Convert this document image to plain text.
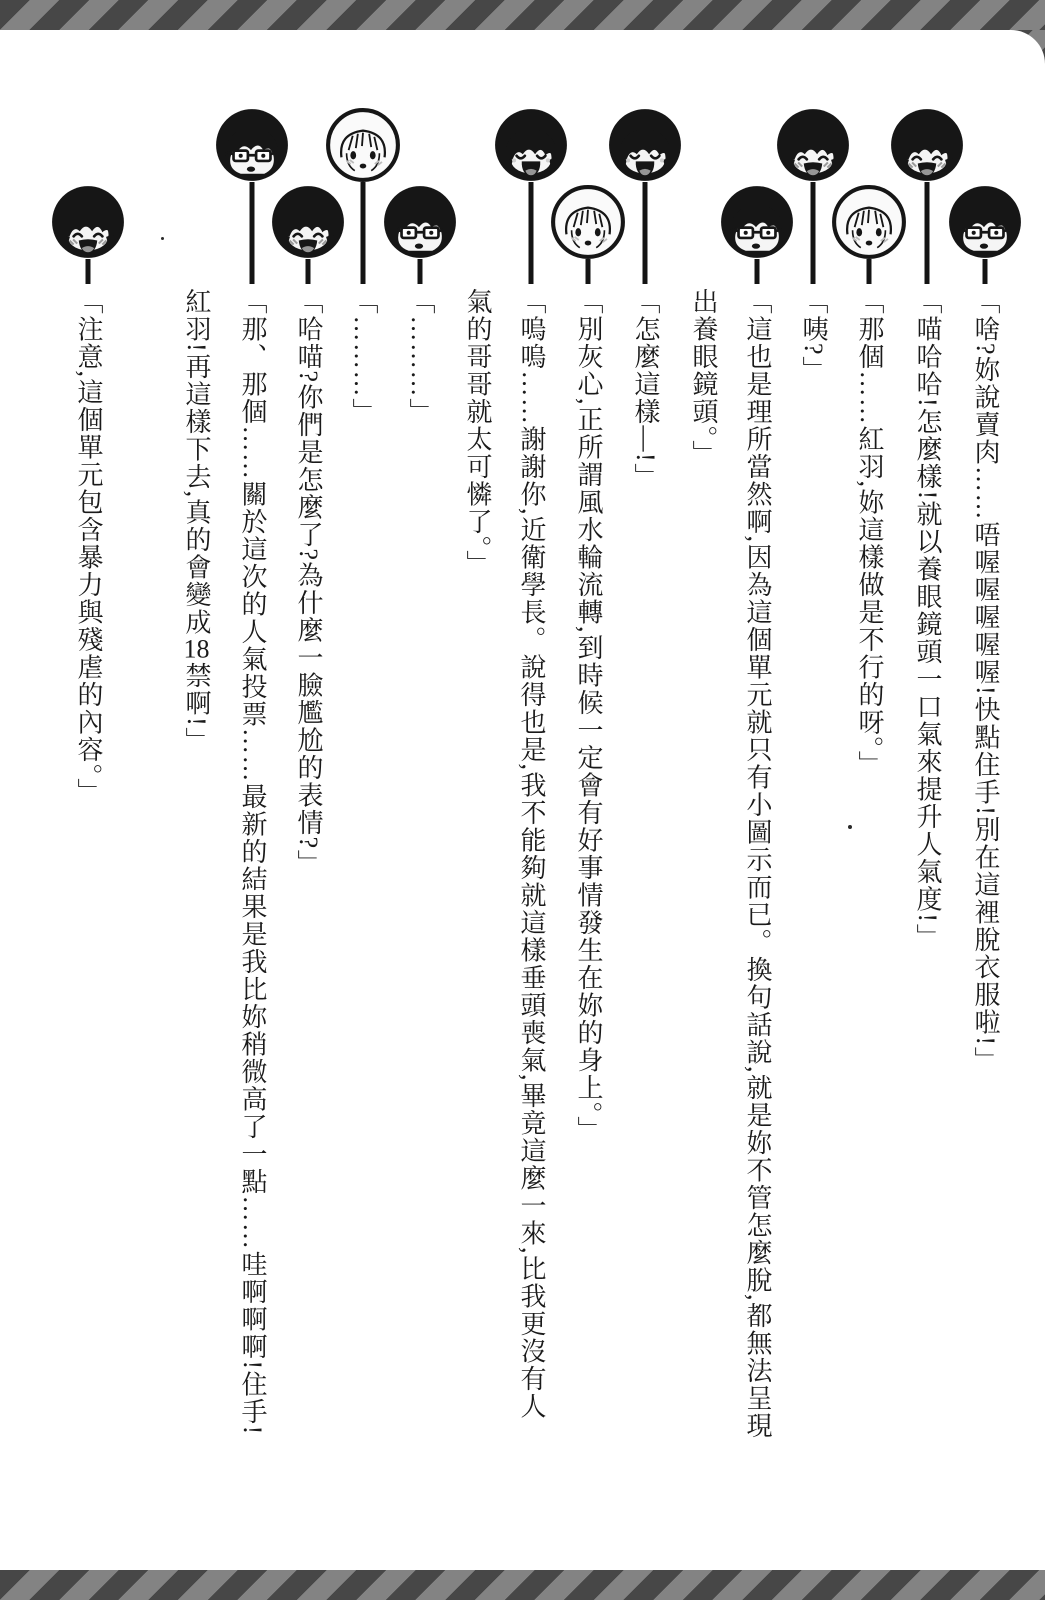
「啥?妳說賣肉……唔喔喔喔喔喔!快點住手!別在這裡脫衣服啦!」
「喵哈哈!怎麼樣!就以養眼鏡頭一口氣來提升人氣度!」
「那個……紅羽,妳這樣做是不行的呀。」
「咦?」
「這也是理所當然啊,因為這個單元就只有小圖示而已。換句話說,就是妳不管怎麼脫,都無法呈現
出養眼鏡頭。」
「怎麼這樣—!」
「別灰心,正所謂風水輪流轉,到時候一定會有好事情發生在妳的身上。」
「嗚嗚……謝謝你,近衛學長。說得也是,我不能夠就這樣垂頭喪氣,畢竟這麼一來,比我更沒有人
氣的哥哥就太可憐了。」
「………」
「………」
「哈喵?你們是怎麼了?為什麼一臉尷尬的表情?」
「那、那個……關於這次的人氣投票……最新的結果是我比妳稍微高了一點……哇啊啊啊!住手!
紅羽!再這樣下去,真的會變成18禁啊!」
「注意,這個單元包含暴力與殘虐的內容。」
